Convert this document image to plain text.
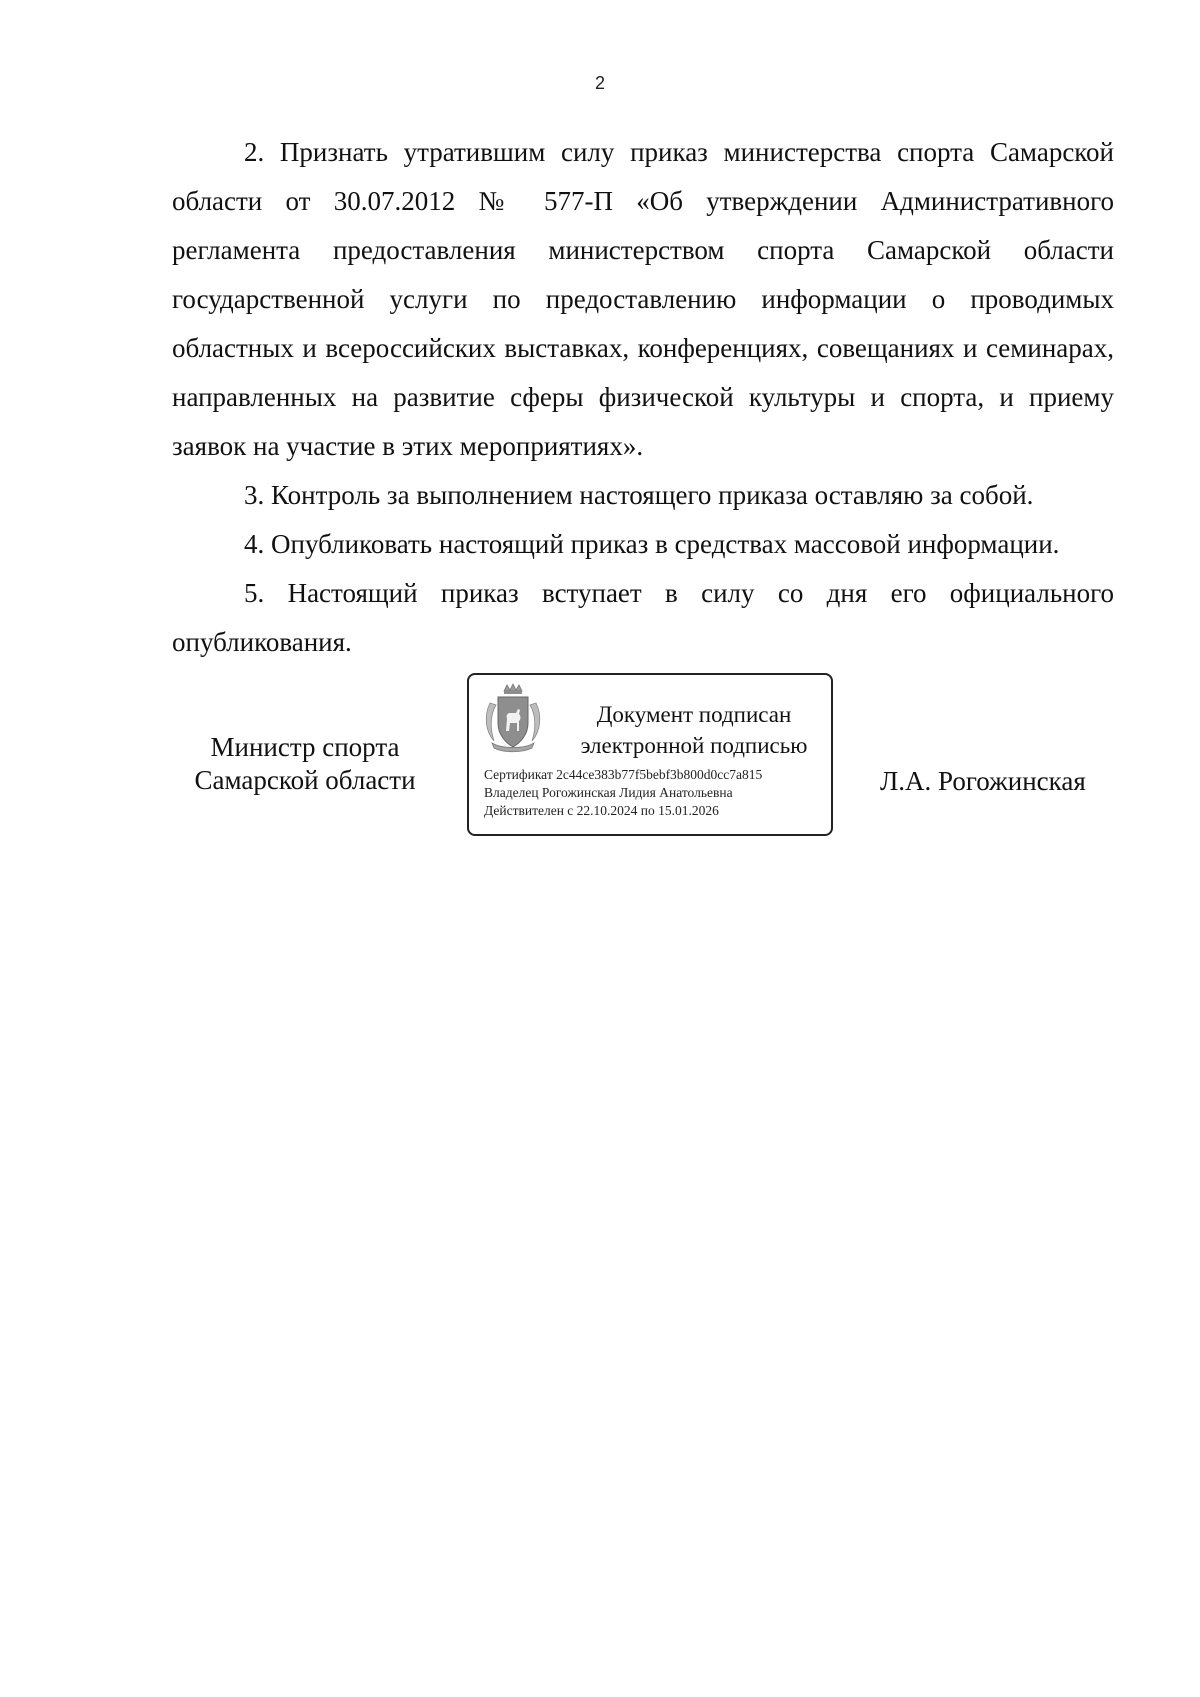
2

2. Признать утратившим силу приказ министерства спорта Самарской области от 30.07.2012 № 577-П «Об утверждении Административного регламента предоставления министерством спорта Самарской области государственной услуги по предоставлению информации о проводимых областных и всероссийских выставках, конференциях, совещаниях и семинарах, направленных на развитие сферы физической культуры и спорта, и приему заявок на участие в этих мероприятиях».

3. Контроль за выполнением настоящего приказа оставляю за собой.

4. Опубликовать настоящий приказ в средствах массовой информации.

5. Настоящий приказ вступает в силу со дня его официального опубликования.

Министр спорта
Самарской области
Документ подписан
электронной подписью
Сертификат 2c44ce383b77f5bebf3b800d0cc7a815
Владелец Рогожинская Лидия Анатольевна
Действителен с 22.10.2024 по 15.01.2026
Л.А. Рогожинская
